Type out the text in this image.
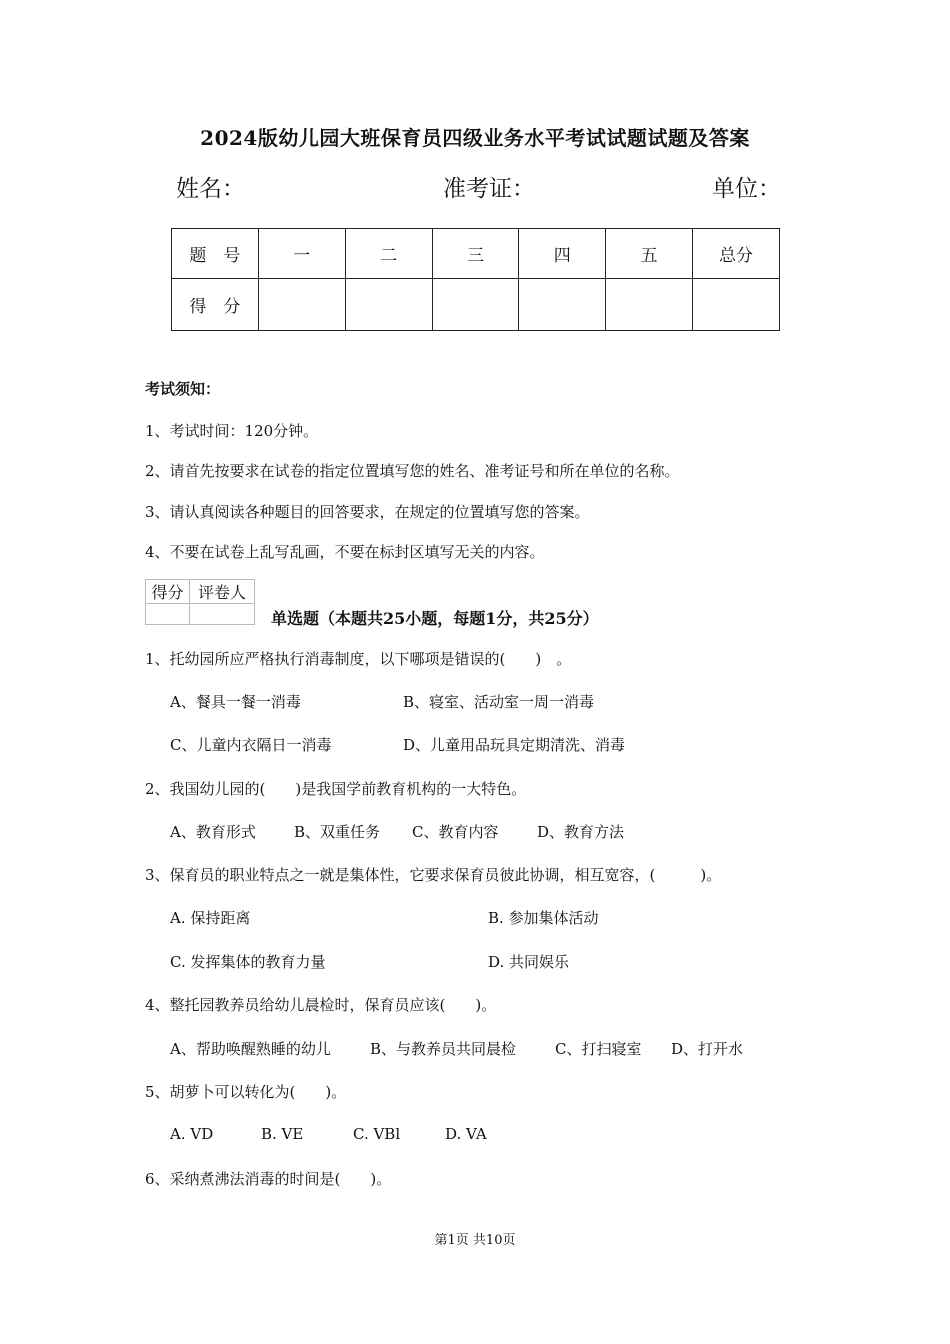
2024版幼儿园大班保育员四级业务水平考试试题试题及答案
姓名：	准考证：	单位：
题　号	一	二	三	四	五	总分
得　分						
考试须知：
1、考试时间：120分钟。
2、请首先按要求在试卷的指定位置填写您的姓名、准考证号和所在单位的名称。
3、请认真阅读各种题目的回答要求，在规定的位置填写您的答案。
4、不要在试卷上乱写乱画，不要在标封区填写无关的内容。
得分	评卷人

单选题（本题共25小题，每题1分，共25分）
1、托幼园所应严格执行消毒制度，以下哪项是错误的(　　)　。
A、餐具一餐一消毒	B、寝室、活动室一周一消毒
C、儿童内衣隔日一消毒	D、儿童用品玩具定期清洗、消毒
2、我国幼儿园的(　　)是我国学前教育机构的一大特色。
A、教育形式	B、双重任务 C、教育内容	D、教育方法
3、保育员的职业特点之一就是集体性，它要求保育员彼此协调，相互宽容，(　　　)。
A. 保持距离	B. 参加集体活动
C. 发挥集体的教育力量	D. 共同娱乐
4、整托园教养员给幼儿晨检时，保育员应该(　　)。
A、帮助唤醒熟睡的幼儿	B、与教养员共同晨检	C、打扫寝室 D、打开水
5、胡萝卜可以转化为(　　)。
A. VD	B. VE	C. VBl	D. VA
6、采纳煮沸法消毒的时间是(　　)。
第1页 共10页
